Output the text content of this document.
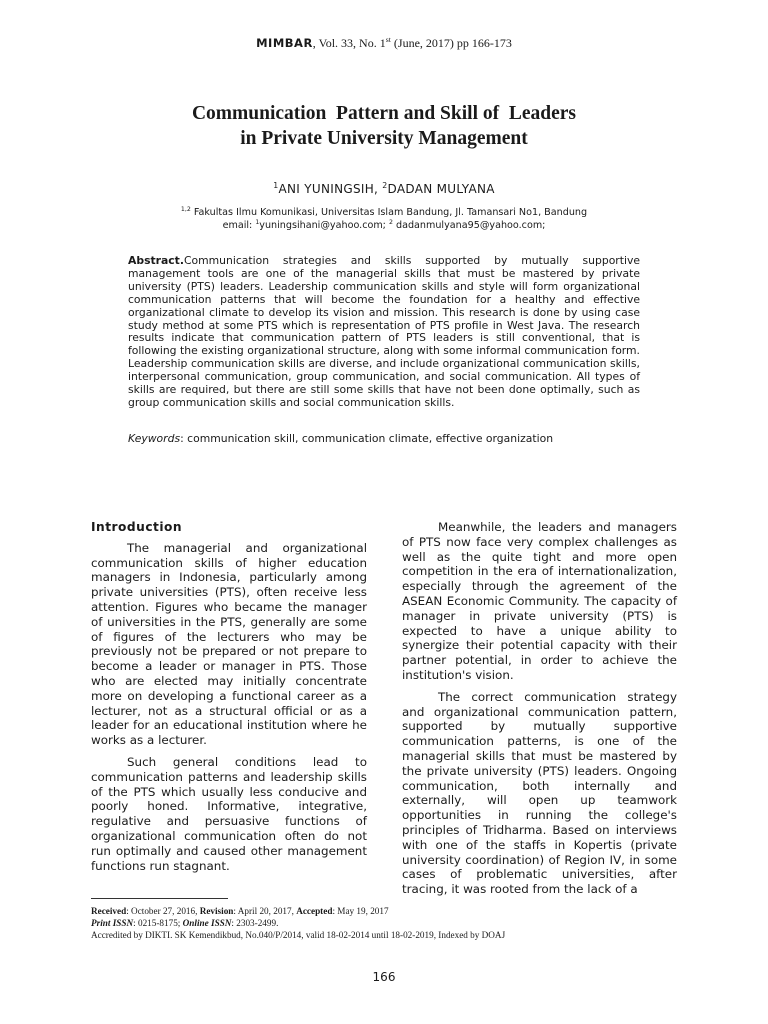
MIMBAR, Vol. 33, No. 1st (June, 2017) pp 166-173
Communication  Pattern and Skill of  Leaders
in Private University Management
$^1$ANI YUNINGSIH, $^2$DADAN MULYANA
$^{1,2}$ Fakultas Ilmu Komunikasi, Universitas Islam Bandung, Jl. Tamansari No1, Bandung
email: $^1$yuningsihani@yahoo.com; $^2$ dadanmulyana95@yahoo.com;
Abstract.Communication strategies and skills supported by mutually supportive management tools are one of the managerial skills that must be mastered by private university (PTS) leaders. Leadership communication skills and style will form organizational communication patterns that will become the foundation for a healthy and effective organizational climate to develop its vision and mission. This research is done by using case study method at some PTS which is representation of PTS profile in West Java. The research results indicate that communication pattern of PTS leaders is still conventional, that is following the existing organizational structure, along with some informal communication form. Leadership communication skills are diverse, and include organizational communication skills, interpersonal communication, group communication, and social communication. All types of skills are required, but there are still some skills that have not been done optimally, such as group communication skills and social communication skills.
Keywords: communication skill, communication climate, effective organization
Introduction

The managerial and organizational communication skills of higher education managers in Indonesia, particularly among private universities (PTS), often receive less attention. Figures who became the manager of universities in the PTS, generally are some of figures of the lecturers who may be previously not be prepared or not prepare to become a leader or manager in PTS. Those who are elected may initially concentrate more on developing a functional career as a lecturer, not as a structural official or as a leader for an educational institution where he works as a lecturer.

Such general conditions lead to communication patterns and leadership skills of the PTS which usually less conducive and poorly honed. Informative, integrative, regulative and persuasive functions of organizational communication often do not run optimally and caused other management functions run stagnant.

Meanwhile, the leaders and managers of PTS now face very complex challenges as well as the quite tight and more open competition in the era of internationalization, especially through the agreement of the ASEAN Economic Community. The capacity of manager in private university (PTS) is expected to have a unique ability to synergize their potential capacity with their partner potential, in order to achieve the institution's vision.

The correct communication strategy and organizational communication pattern, supported by mutually supportive communication patterns, is one of the managerial skills that must be mastered by the private university (PTS) leaders. Ongoing communication, both internally and externally, will open up teamwork opportunities in running the college's principles of Tridharma. Based on interviews with one of the staffs in Kopertis (private university coordination) of Region IV, in some cases of problematic universities, after tracing, it was rooted from the lack of a

Received: October 27, 2016, Revision: April 20, 2017, Accepted: May 19, 2017
Print ISSN: 0215-8175; Online ISSN: 2303-2499.
Accredited by DIKTI. SK Kemendikbud, No.040/P/2014, valid 18-02-2014 until 18-02-2019, Indexed by DOAJ
166
